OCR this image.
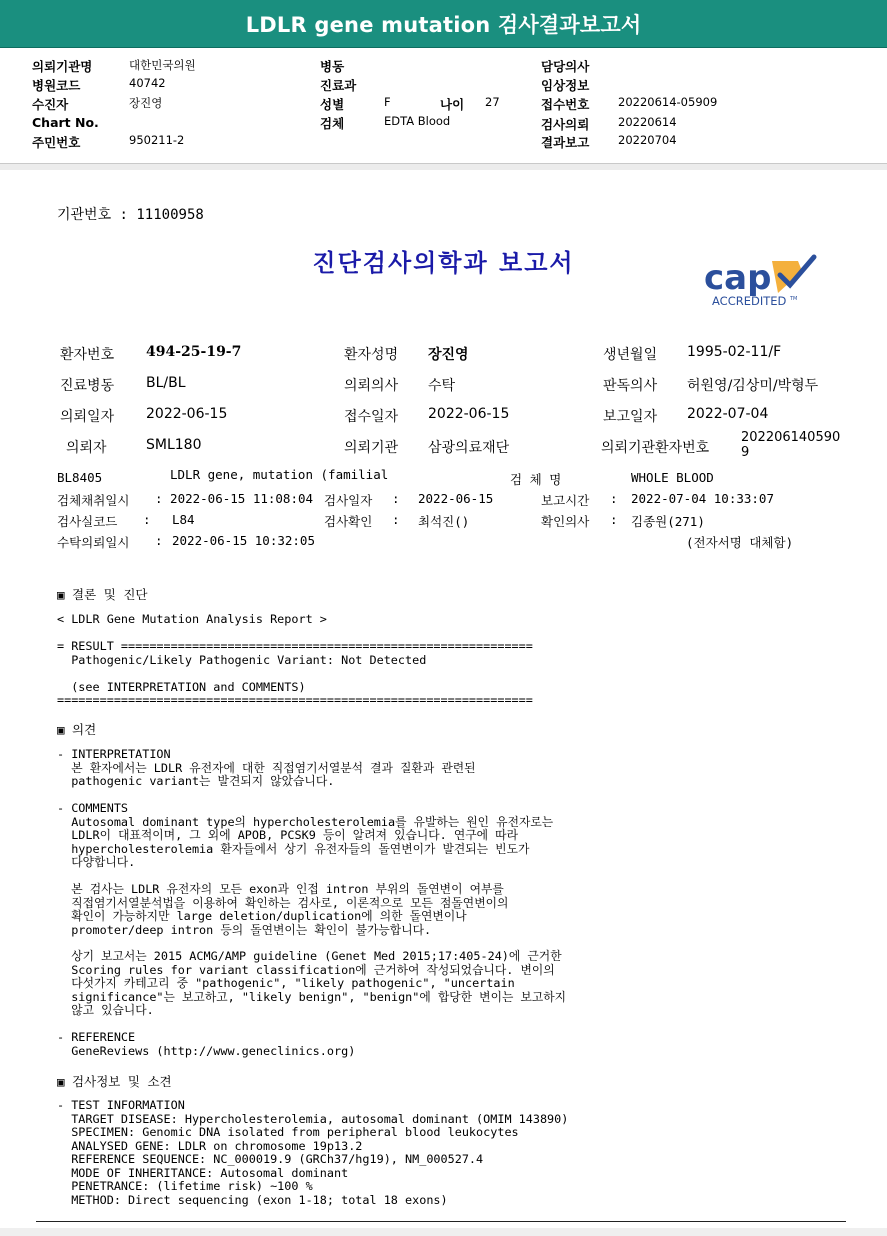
LDLR gene mutation 검사결과보고서
의뢰기관명	대한민국의원
병원코드	40742
수진자	장진영
Chart No.
주민번호	950211-2
병동
진료과
성별	F	나이 27
검체	EDTA Blood
담당의사
임상정보
접수번호 20220614-05909
검사의뢰 20220614
결과보고 20220704
기관번호 : 11100958
진단검사의학과 보고서	cap
ACCREDITED TM
환자번호 494-25-19-7	환자성명 장진영	생년월일 1995-02-11/F
진료병동 BL/BL	의뢰의사 수탁	판독의사 허원영/김상미/박형두
의뢰일자 2022-06-15	접수일자 2022-06-15	보고일자 2022-07-04
의뢰자	SML180	의뢰기관 삼광의료재단	의뢰기관환자번호
202206140590
9
BL8405	LDLR gene, mutation (familial	검 체 명	WHOLE BLOOD
검체채취일시 : 2022-06-15 11:08:04 검사일자 : 2022-06-15	보고시간 : 2022-07-04 10:33:07
검사실코드 : L84	검사확인 : 최석진()	확인의사 : 김종원(271)
수탁의뢰일시 : 2022-06-15 10:32:05	(전자서명 대체함)
▣ 결론 및 진단
< LDLR Gene Mutation Analysis Report >

= RESULT ==========================================================
Pathogenic/Likely Pathogenic Variant: Not Detected

(see INTERPRETATION and COMMENTS)
===================================================================
▣ 의견
- INTERPRETATION
본 환자에서는 LDLR 유전자에 대한 직접염기서열분석 결과 질환과 관련된
pathogenic variant는 발견되지 않았습니다.
- COMMENTS
Autosomal dominant type의 hypercholesterolemia를 유발하는 원인 유전자로는
LDLR이 대표적이며, 그 외에 APOB, PCSK9 등이 알려져 있습니다. 연구에 따라
hypercholesterolemia 환자들에서 상기 유전자들의 돌연변이가 발견되는 빈도가
다양합니다.
본 검사는 LDLR 유전자의 모든 exon과 인접 intron 부위의 돌연변이 여부를
직접염기서열분석법을 이용하여 확인하는 검사로, 이론적으로 모든 점돌연변이의
확인이 가능하지만 large deletion/duplication에 의한 돌연변이나
promoter/deep intron 등의 돌연변이는 확인이 불가능합니다.
상기 보고서는 2015 ACMG/AMP guideline (Genet Med 2015;17:405-24)에 근거한
Scoring rules for variant classification에 근거하여 작성되었습니다. 변이의
다섯가지 카테고리 중 "pathogenic", "likely pathogenic", "uncertain
significance"는 보고하고, "likely benign", "benign"에 합당한 변이는 보고하지
않고 있습니다.
- REFERENCE
GeneReviews (http://www.geneclinics.org)
▣ 검사정보 및 소견
- TEST INFORMATION
TARGET DISEASE: Hypercholesterolemia, autosomal dominant (OMIM 143890)
SPECIMEN: Genomic DNA isolated from peripheral blood leukocytes
ANALYSED GENE: LDLR on chromosome 19p13.2
REFERENCE SEQUENCE: NC_000019.9 (GRCh37/hg19), NM_000527.4
MODE OF INHERITANCE: Autosomal dominant
PENETRANCE: (lifetime risk) ~100 %
METHOD: Direct sequencing (exon 1-18; total 18 exons)
